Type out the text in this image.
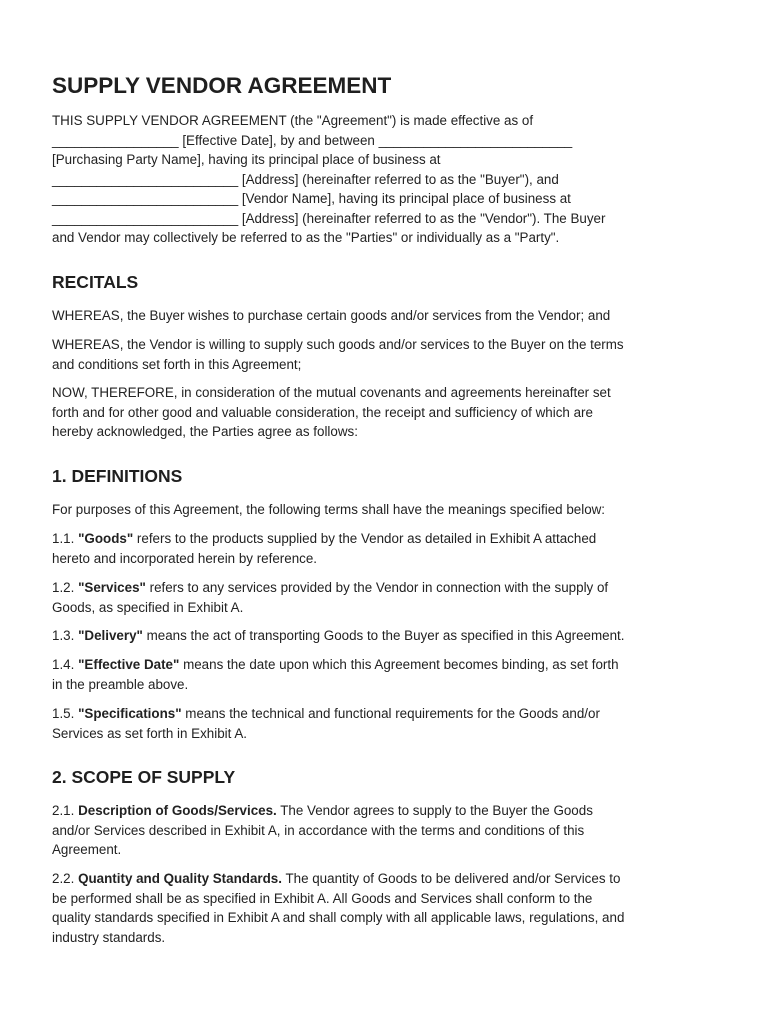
SUPPLY VENDOR AGREEMENT

THIS SUPPLY VENDOR AGREEMENT (the "Agreement") is made effective as of
_________________ [Effective Date], by and between __________________________
[Purchasing Party Name], having its principal place of business at
_________________________ [Address] (hereinafter referred to as the "Buyer"), and
_________________________ [Vendor Name], having its principal place of business at
_________________________ [Address] (hereinafter referred to as the "Vendor"). The Buyer
and Vendor may collectively be referred to as the "Parties" or individually as a "Party".

RECITALS

WHEREAS, the Buyer wishes to purchase certain goods and/or services from the Vendor; and

WHEREAS, the Vendor is willing to supply such goods and/or services to the Buyer on the terms
and conditions set forth in this Agreement;

NOW, THEREFORE, in consideration of the mutual covenants and agreements hereinafter set
forth and for other good and valuable consideration, the receipt and sufficiency of which are
hereby acknowledged, the Parties agree as follows:

1. DEFINITIONS

For purposes of this Agreement, the following terms shall have the meanings specified below:

1.1. "Goods" refers to the products supplied by the Vendor as detailed in Exhibit A attached
hereto and incorporated herein by reference.

1.2. "Services" refers to any services provided by the Vendor in connection with the supply of
Goods, as specified in Exhibit A.

1.3. "Delivery" means the act of transporting Goods to the Buyer as specified in this Agreement.

1.4. "Effective Date" means the date upon which this Agreement becomes binding, as set forth
in the preamble above.

1.5. "Specifications" means the technical and functional requirements for the Goods and/or
Services as set forth in Exhibit A.

2. SCOPE OF SUPPLY

2.1. Description of Goods/Services. The Vendor agrees to supply to the Buyer the Goods
and/or Services described in Exhibit A, in accordance with the terms and conditions of this
Agreement.

2.2. Quantity and Quality Standards. The quantity of Goods to be delivered and/or Services to
be performed shall be as specified in Exhibit A. All Goods and Services shall conform to the
quality standards specified in Exhibit A and shall comply with all applicable laws, regulations, and
industry standards.
